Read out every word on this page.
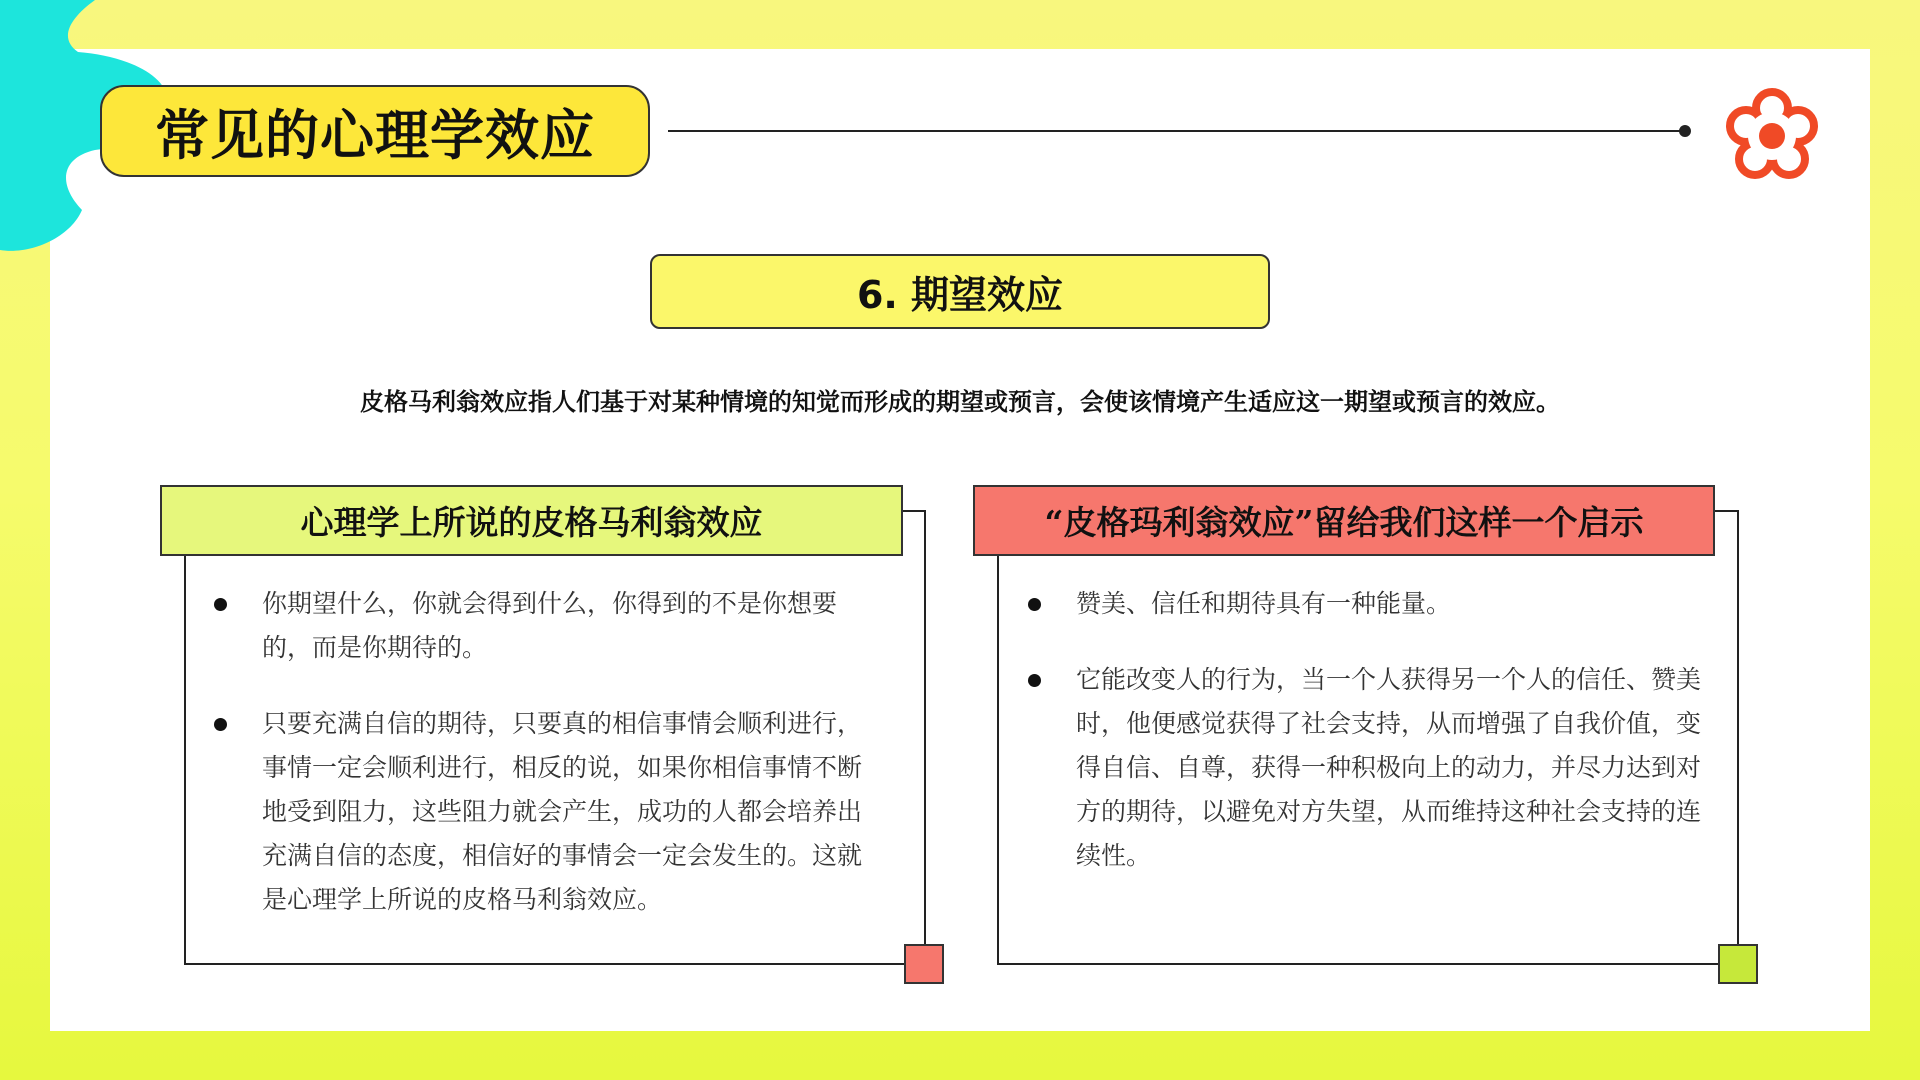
常见的心理学效应
6. 期望效应
皮格马利翁效应指人们基于对某种情境的知觉而形成的期望或预言，会使该情境产生适应这一期望或预言的效应。
心理学上所说的皮格马利翁效应
你期望什么，你就会得到什么，你得到的不是你想要的，而是你期待的。
只要充满自信的期待，只要真的相信事情会顺利进行，事情一定会顺利进行，相反的说，如果你相信事情不断地受到阻力，这些阻力就会产生，成功的人都会培养出充满自信的态度，相信好的事情会一定会发生的。这就是心理学上所说的皮格马利翁效应。
“皮格玛利翁效应”留给我们这样一个启示
赞美、信任和期待具有一种能量。
它能改变人的行为，当一个人获得另一个人的信任、赞美时，他便感觉获得了社会支持，从而增强了自我价值，变得自信、自尊，获得一种积极向上的动力，并尽力达到对方的期待，以避免对方失望，从而维持这种社会支持的连续性。
